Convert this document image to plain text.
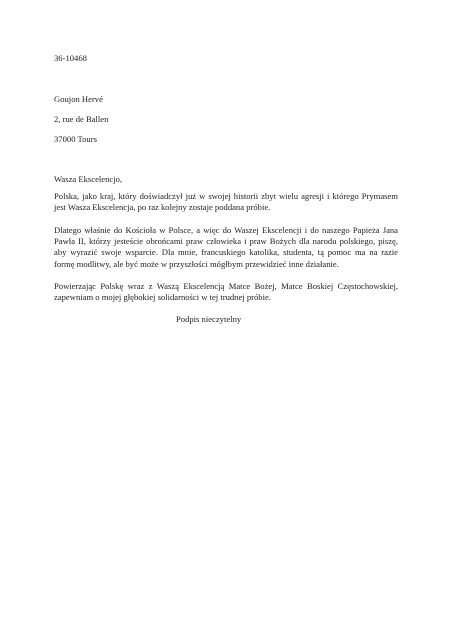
36-10468
Goujon Hervé
2, rue de Ballen
37000 Tours
Wasza Ekscelencjo,
Polska, jako kraj, który doświadczył już w swojej historii zbyt wielu agresji i którego Prymasem jest Wasza Ekscelencja, po raz kolejny zostaje poddana próbie.
Dlatego właśnie do Kościoła w Polsce, a więc do Waszej Ekscelencji i do naszego Papieża Jana Pawła II, którzy jesteście obrońcami praw człowieka i praw Bożych dla narodu polskiego, piszę, aby wyrazić swoje wsparcie. Dla mnie, francuskiego katolika, studenta, tą pomoc ma na razie formę modlitwy, ale być może w przyszłości mógłbym przewidzieć inne działanie.
Powierzając Polskę wraz z Waszą Ekscelencją Matce Bożej, Matce Boskiej Częstochowskiej, zapewniam o mojej głębokiej solidarności w tej trudnej próbie.
Podpis nieczytelny
